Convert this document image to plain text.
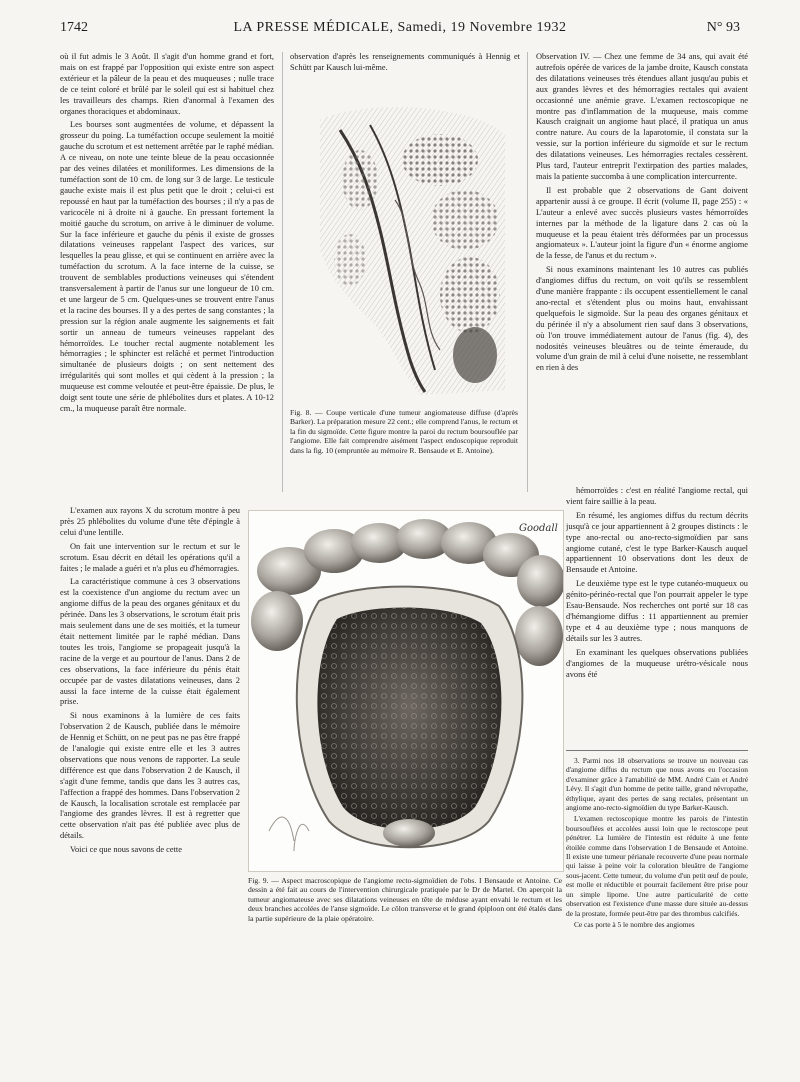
1742	LA PRESSE MÉDICALE, Samedi, 19 Novembre 1932	N° 93

où il fut admis le 3 Août. Il s'agit d'un homme grand et fort, mais on est frappé par l'opposition qui existe entre son aspect extérieur et la pâleur de la peau et des muqueuses ; nulle trace de ce teint coloré et brûlé par le soleil qui est si habituel chez les travailleurs des champs. Rien d'anormal à l'examen des organes thoraciques et abdominaux.

Les bourses sont augmentées de volume, et dépassent la grosseur du poing. La tuméfaction occupe seulement la moitié gauche du scrotum et est nettement arrêtée par le raphé médian. A ce niveau, on note une teinte bleue de la peau occasionnée par des veines dilatées et moniliformes. Les dimensions de la tuméfaction sont de 10 cm. de long sur 3 de large. Le testicule gauche existe mais il est plus petit que le droit ; celui-ci est repoussé en haut par la tuméfaction des bourses ; il n'y a pas de varicocèle ni à droite ni à gauche. En pressant fortement la moitié gauche du scrotum, on arrive à le diminuer de volume. Sur la face inférieure et gauche du pénis il existe de grosses dilatations veineuses rappelant l'aspect des varices, sur lesquelles la peau glisse, et qui se continuent en arrière avec la tuméfaction du scrotum. A la face interne de la cuisse, se trouvent de semblables productions veineuses qui s'étendent transversalement à partir de l'anus sur une longueur de 10 cm. et une largeur de 5 cm. Quelques-unes se trouvent entre l'anus et la racine des bourses. Il y a des pertes de sang constantes ; la pression sur la région anale augmente les saignements et fait sortir un anneau de tumeurs veineuses rappelant des hémorroïdes. Le toucher rectal augmente notablement les hémorragies ; le sphincter est relâché et permet l'introduction simultanée de plusieurs doigts ; on sent nettement des irrégularités qui sont molles et qui cèdent à la pression ; la muqueuse est comme veloutée et peut-être épaissie. De plus, le doigt sent toute une série de phlébolites durs et plates. A 10-12 cm., la muqueuse paraît être normale.

L'examen aux rayons X du scrotum montre à peu près 25 phlébolites du volume d'une tête d'épingle à celui d'une lentille.

On fait une intervention sur le rectum et sur le scrotum. Esau décrit en détail les opérations qu'il a faites ; le malade a guéri et n'a plus eu d'hémorragies.

La caractéristique commune à ces 3 observations est la coexistence d'un angiome du rectum avec un angiome diffus de la peau des organes génitaux et du périnée. Dans les 3 observations, le scrotum était pris mais seulement dans une de ses moitiés, et la tumeur était nettement limitée par le raphé médian. Dans toutes les trois, l'angiome se propageait jusqu'à la racine de la verge et au pourtour de l'anus. Dans 2 de ces observations, la face inférieure du pénis était occupée par de vastes dilatations veineuses, dans 2 aussi la face interne de la cuisse était également prise.

Si nous examinons à la lumière de ces faits l'observation 2 de Kausch, publiée dans le mémoire de Hennig et Schütt, on ne peut pas ne pas être frappé de l'analogie qui existe entre elle et les 3 autres observations que nous venons de rapporter. La seule différence est que dans l'observation 2 de Kausch, il s'agit d'une femme, tandis que dans les 3 autres cas, l'affection a frappé des hommes. Dans l'observation 2 de Kausch, la localisation scrotale est remplacée par l'angiome des grandes lèvres. Il est à regretter que cette observation n'ait pas été publiée avec plus de détails.

Voici ce que nous savons de cette

observation d'après les renseignements communiqués à Hennig et Schütt par Kausch lui-même.

Fig. 8. — Coupe verticale d'une tumeur angiomateuse diffuse (d'après Barker). La préparation mesure 22 cent.; elle comprend l'anus, le rectum et la fin du sigmoïde. Cette figure montre la paroi du rectum boursouflée par l'angiome. Elle fait comprendre aisément l'aspect endoscopique reproduit dans la fig. 10 (empruntée au mémoire R. Bensaude et E. Antoine).
Goodall
Fig. 9. — Aspect macroscopique de l'angiome recto-sigmoïdien de l'obs. I Bensaude et Antoine. Ce dessin a été fait au cours de l'intervention chirurgicale pratiquée par le Dr de Martel. On aperçoit la tumeur angiomateuse avec ses dilatations veineuses en tête de méduse ayant envahi le rectum et les deux branches accolées de l'anse sigmoïde. Le côlon transverse et le grand épiploon ont été étalés dans la partie supérieure de la plaie opératoire.

Observation IV. — Chez une femme de 34 ans, qui avait été autrefois opérée de varices de la jambe droite, Kausch constata des dilatations veineuses très étendues allant jusqu'au pubis et aux grandes lèvres et des hémorragies rectales qui avaient occasionné une anémie grave. L'examen rectoscopique ne montre pas d'inflammation de la muqueuse, mais comme Kausch craignait un angiome haut placé, il pratiqua un anus contre nature. Au cours de la laparotomie, il constata sur la vessie, sur la portion inférieure du sigmoïde et sur le rectum des dilatations veineuses. Les hémorragies rectales cessèrent. Plus tard, l'auteur entreprit l'extirpation des parties malades, mais la patiente succomba à une complication intercurrente.

Il est probable que 2 observations de Gant doivent appartenir aussi à ce groupe. Il écrit (volume II, page 255) : « L'auteur a enlevé avec succès plusieurs vastes hémorroïdes internes par la méthode de la ligature dans 2 cas où la muqueuse et la peau étaient très déformées par un processus angiomateux ». L'auteur joint la figure d'un « énorme angiome de la fesse, de l'anus et du rectum ».

Si nous examinons maintenant les 10 autres cas publiés d'angiomes diffus du rectum, on voit qu'ils se ressemblent d'une manière frappante : ils occupent essentiellement le canal ano-rectal et s'étendent plus ou moins haut, envahissant quelquefois le sigmoïde. Sur la peau des organes génitaux et du périnée il n'y a absolument rien sauf dans 3 observations, où l'on trouve immédiatement autour de l'anus (fig. 4), des nodosités veineuses bleuâtres ou de teinte émeraude, du volume d'un grain de mil à celui d'une noisette, ne ressemblant en rien à des

hémorroïdes : c'est en réalité l'angiome rectal, qui vient faire saillie à la peau.

En résumé, les angiomes diffus du rectum décrits jusqu'à ce jour appartiennent à 2 groupes distincts : le type ano-rectal ou ano-recto-sigmoïdien par sans angiome cutané, c'est le type Barker-Kausch auquel appartiennent 10 observations dont les deux de Bensaude et Antoine.

Le deuxième type est le type cutanéo-muqueux ou génito-périnéo-rectal que l'on pourrait appeler le type Esau-Bensaude. Nos recherches ont porté sur 18 cas d'hémangiome diffus : 11 appartiennent au premier type et 4 au deuxième type ; nous manquons de détails sur les 3 autres.

En examinant les quelques observations publiées d'angiomes de la muqueuse urétro-vésicale nous avons été

3. Parmi nos 18 observations se trouve un nouveau cas d'angiome diffus du rectum que nous avons eu l'occasion d'examiner grâce à l'amabilité de MM. André Cain et André Lévy. Il s'agit d'un homme de petite taille, grand névropathe, éthylique, ayant des pertes de sang rectales, présentant un angiome ano-recto-sigmoïdien du type Barker-Kausch.

L'examen rectoscopique montre les parois de l'intestin boursouflées et accolées aussi loin que le rectoscope peut pénétrer. La lumière de l'intestin est réduite à une fente étoilée comme dans l'observation I de Bensaude et Antoine. Il existe une tumeur périanale recouverte d'une peau normale qui laisse à peine voir la coloration bleuâtre de l'angiome sous-jacent. Cette tumeur, du volume d'un petit œuf de poule, est molle et réductible et pourrait facilement être prise pour un simple lipome. Une autre particularité de cette observation est l'existence d'une masse dure située au-dessus de la prostate, formée peut-être par des thrombus calcifiés.

Ce cas porte à 5 le nombre des angiomes
